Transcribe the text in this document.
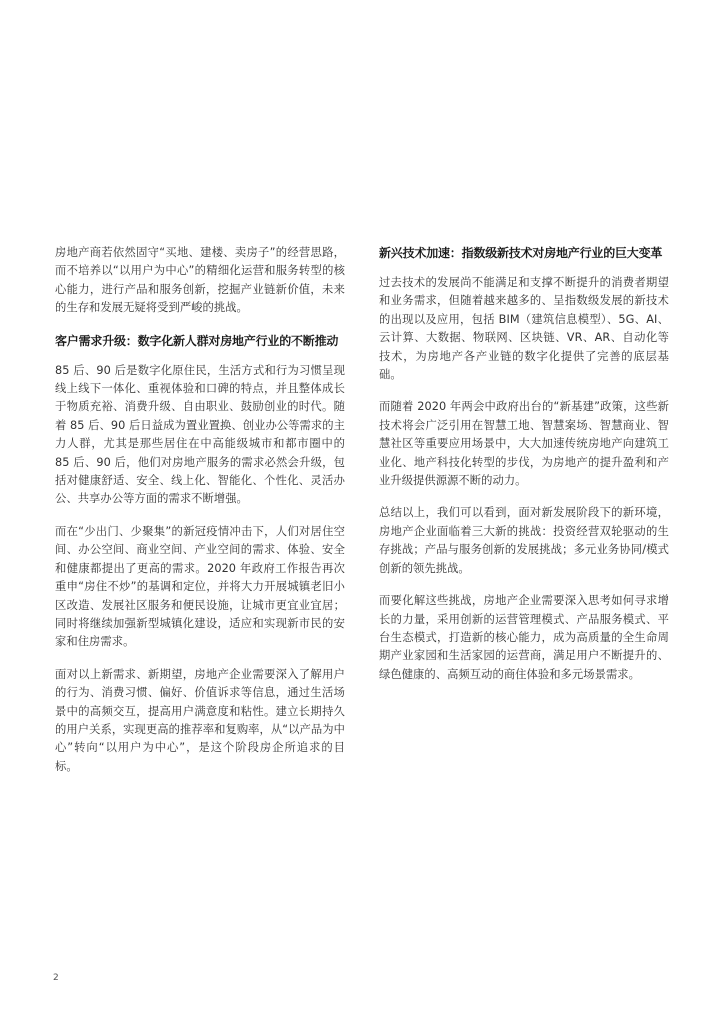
房地产商若依然固守“买地、建楼、卖房子”的经营思路，而不培养以“以用户为中心”的精细化运营和服务转型的核心能力，进行产品和服务创新，挖掘产业链新价值，未来的生存和发展无疑将受到严峻的挑战。

客户需求升级：数字化新人群对房地产行业的不断推动

85 后、90 后是数字化原住民，生活方式和行为习惯呈现线上线下一体化、重视体验和口碑的特点，并且整体成长于物质充裕、消费升级、自由职业、鼓励创业的时代。随着 85 后、90 后日益成为置业置换、创业办公等需求的主力人群，尤其是那些居住在中高能级城市和都市圈中的 85 后、90 后，他们对房地产服务的需求必然会升级，包括对健康舒适、安全、线上化、智能化、个性化、灵活办公、共享办公等方面的需求不断增强。

而在“少出门、少聚集”的新冠疫情冲击下，人们对居住空间、办公空间、商业空间、产业空间的需求、体验、安全和健康都提出了更高的需求。2020 年政府工作报告再次重申“房住不炒”的基调和定位，并将大力开展城镇老旧小区改造、发展社区服务和便民设施，让城市更宜业宜居；同时将继续加强新型城镇化建设，适应和实现新市民的安家和住房需求。

面对以上新需求、新期望，房地产企业需要深入了解用户的行为、消费习惯、偏好、价值诉求等信息，通过生活场景中的高频交互，提高用户满意度和粘性。建立长期持久的用户关系，实现更高的推荐率和复购率，从“以产品为中心”转向“以用户为中心”，是这个阶段房企所追求的目标。

新兴技术加速：指数级新技术对房地产行业的巨大变革

过去技术的发展尚不能满足和支撑不断提升的消费者期望和业务需求，但随着越来越多的、呈指数级发展的新技术的出现以及应用，包括 BIM（建筑信息模型）、5G、AI、云计算、大数据、物联网、区块链、VR、AR、自动化等技术，为房地产各产业链的数字化提供了完善的底层基础。

而随着 2020 年两会中政府出台的“新基建”政策，这些新技术将会广泛引用在智慧工地、智慧案场、智慧商业、智慧社区等重要应用场景中，大大加速传统房地产向建筑工业化、地产科技化转型的步伐，为房地产的提升盈利和产业升级提供源源不断的动力。

总结以上，我们可以看到，面对新发展阶段下的新环境，房地产企业面临着三大新的挑战：投资经营双轮驱动的生存挑战；产品与服务创新的发展挑战；多元业务协同/模式创新的领先挑战。

而要化解这些挑战，房地产企业需要深入思考如何寻求增长的力量，采用创新的运营管理模式、产品服务模式、平台生态模式，打造新的核心能力，成为高质量的全生命周期产业家园和生活家园的运营商，满足用户不断提升的、绿色健康的、高频互动的商住体验和多元场景需求。

2
